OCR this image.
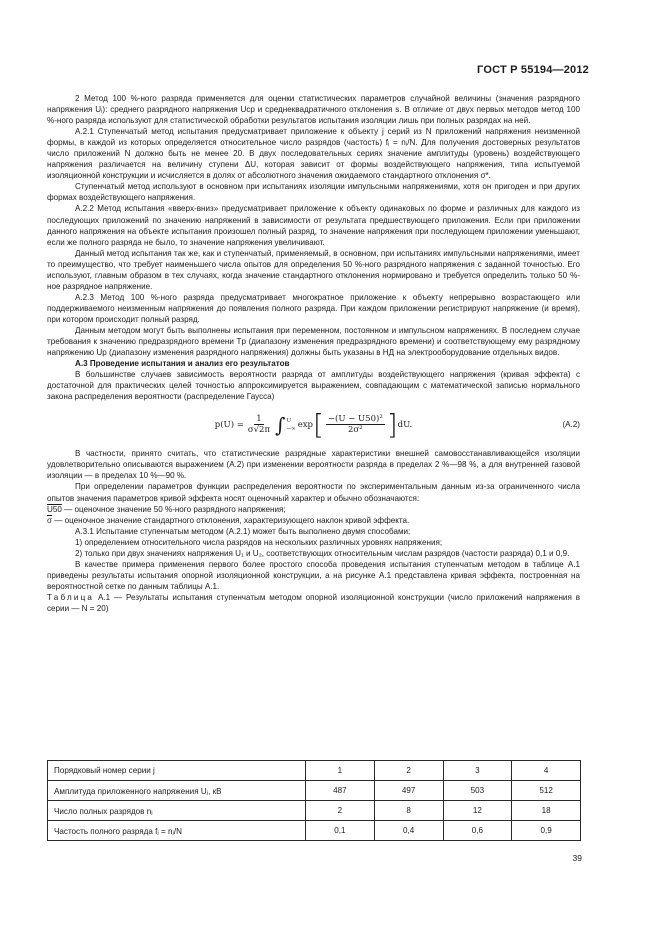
ГОСТ Р 55194—2012

2 Метод 100 %-ного разряда применяется для оценки статистических параметров случайной величины (значения разрядного напряжения Uᵢ): среднего разрядного напряжения Uср и среднеквадратичного отклонения s. В отличие от двух первых методов метод 100 %-ного разряда используют для статистической обработки результатов испытания изоляции лишь при полных разрядах на ней.

А.2.1 Ступенчатый метод испытания предусматривает приложение к объекту j серий из N приложений напряжения неизменной формы, в каждой из которых определяется относительное число разрядов (частость) fⱼ = nⱼ/N. Для получения достоверных результатов число приложений N должно быть не менее 20. В двух последовательных сериях значение амплитуды (уровень) воздействующего напряжения различается на величину ступени ΔU, которая зависит от формы воздействующего напряжения, типа испытуемой изоляционной конструкции и исчисляется в долях от абсолютного значения ожидаемого стандартного отклонения σ*.

Ступенчатый метод используют в основном при испытаниях изоляции импульсными напряжениями, хотя он пригоден и при других формах воздействующего напряжения.

А.2.2 Метод испытания «вверх-вниз» предусматривает приложение к объекту одинаковых по форме и различных для каждого из последующих приложений по значению напряжений в зависимости от результата предшествующего приложения. Если при приложении данного напряжения на объекте испытания произошел полный разряд, то значение напряжения при последующем приложении уменьшают, если же полного разряда не было, то значение напряжения увеличивают.

Данный метод испытания так же, как и ступенчатый, применяемый, в основном, при испытаниях импульсными напряжениями, имеет то преимущество, что требует наименьшего числа опытов для определения 50 %-ного разрядного напряжения с заданной точностью. Его используют, главным образом в тех случаях, когда значение стандартного отклонения нормировано и требуется определить только 50 %-ное разрядное напряжение.

А.2.3 Метод 100 %-ного разряда предусматривает многократное приложение к объекту непрерывно возрастающего или поддерживаемого неизменным напряжения до появления полного разряда. При каждом приложении регистрируют напряжение (и время), при котором происходит полный разряд.

Данным методом могут быть выполнены испытания при переменном, постоянном и импульсном напряжениях. В последнем случае требования к значению предразрядного времени Tр (диапазону изменения предразрядного времени) и соответствующему ему разрядному напряжению Uр (диапазону изменения разрядного напряжения) должны быть указаны в НД на электрооборудование отдельных видов.

А.3 Проведение испытания и анализ его результатов

В большинстве случаев зависимость вероятности разряда от амплитуды воздействующего напряжения (кривая эффекта) с достаточной для практических целей точностью аппроксимируется выражением, совпадающим с математической записью нормального закона распределения вероятности (распределение Гаусса)

$p(U) = \frac{1}{\sigma√2\pi}$ ∫ U
−∞ exp [ $\frac{\text{−(U − U50)²}}{\text{2σ²}}$ ] dU.	(А.2)

В частности, принято считать, что статистические разрядные характеристики внешней самовосстанавливающейся изоляции удовлетворительно описываются выражением (А.2) при изменении вероятности разряда в пределах 2 %—98 %, а для внутренней газовой изоляции — в пределах 10 %—90 %.

При определении параметров функции распределения вероятности по экспериментальным данным из-за ограниченного числа опытов значения параметров кривой эффекта носят оценочный характер и обычно обозначаются:

U50 — оценочное значение 50 %-ного разрядного напряжения;

$\overline{\sigma}$ — оценочное значение стандартного отклонения, характеризующего наклон кривой эффекта.

А.3.1 Испытание ступенчатым методом (А.2.1) может быть выполнено двумя способами:

1) определением относительного числа разрядов на нескольких различных уровнях напряжения;

2) только при двух значениях напряжения U₁ и U₂, соответствующих относительным числам разрядов (частости разряда) 0,1 и 0,9.

В качестве примера применения первого более простого способа проведения испытания ступенчатым методом в таблице А.1 приведены результаты испытания опорной изоляционной конструкции, а на рисунке А.1 представлена кривая эффекта, построенная на вероятностной сетке по данным таблицы А.1.

Таблица А.1 — Результаты испытания ступенчатым методом опорной изоляционной конструкции (число приложений напряжения в серии — N = 20)

Порядковый номер серии j	1	2	3	4
Амплитуда приложенного напряжения Uⱼ, кВ	487	497	503	512
Число полных разрядов nⱼ	2	8	12	18
Частость полного разряда fⱼ = nⱼ/N	0,1	0,4	0,6	0,9
39
